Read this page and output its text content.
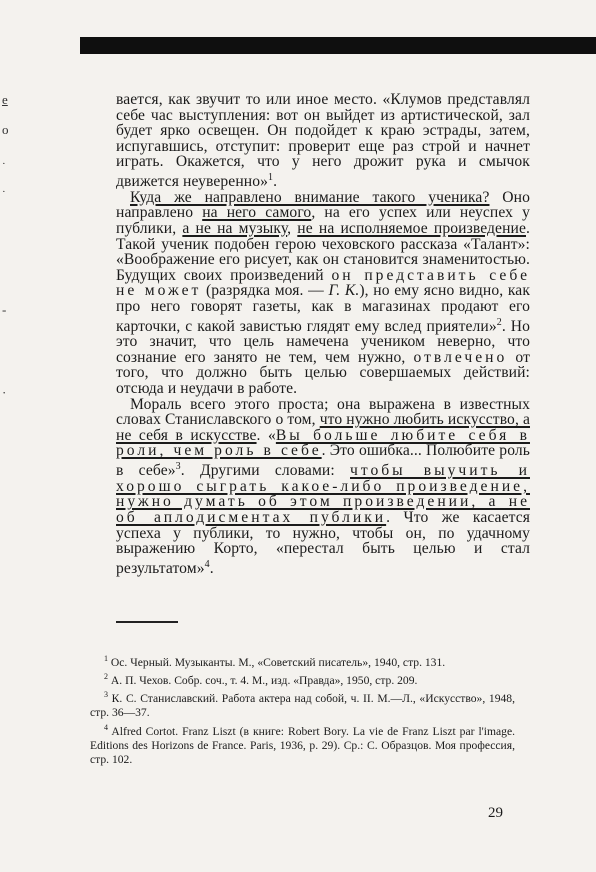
е
о
·
·
-
·

вается, как звучит то или иное место. «Клумов представлял себе час выступления: вот он выйдет из артистической, зал будет ярко освещен. Он подойдет к краю эстрады, затем, испугавшись, отступит: проверит еще раз строй и начнет играть. Окажется, что у него дрожит рука и смычок движется неуверенно»$^1$.

Куда же направлено внимание такого ученика? Оно направлено на него самого, на его успех или неуспех у публики, а не на музыку, не на исполняемое произведение. Такой ученик подобен герою чеховского рассказа «Талант»: «Воображение его рисует, как он становится знаменитостью. Будущих своих произведений он представить себе не может (разрядка моя. — Г. К.), но ему ясно видно, как про него говорят газеты, как в магазинах продают его карточки, с какой завистью глядят ему вслед приятели»$^2$. Но это значит, что цель намечена учеником неверно, что сознание его занято не тем, чем нужно, отвлечено от того, что должно быть целью совершаемых действий: отсюда и неудачи в работе.

Мораль всего этого проста; она выражена в известных словах Станиславского о том, что нужно любить искусство, а не себя в искусстве. «Вы больше любите себя в роли, чем роль в себе. Это ошибка... Полюбите роль в себе»$^3$. Другими словами: чтобы выучить и хорошо сыграть какое-либо произведение, нужно думать об этом произведении, а не об аплодисментах публики. Что же касается успеха у публики, то нужно, чтобы он, по удачному выражению Корто, «перестал быть целью и стал результатом»$^4$.

$^1$ Ос. Черный. Музыканты. М., «Советский писатель», 1940, стр. 131.

$^2$ А. П. Чехов. Собр. соч., т. 4. М., изд. «Правда», 1950, стр. 209.

$^3$ К. С. Станиславский. Работа актера над собой, ч. II. М.—Л., «Искусство», 1948, стр. 36—37.

$^4$ Alfred Cortot. Franz Liszt (в книге: Robert Bory. La vie de Franz Liszt par l'image. Editions des Horizons de France. Paris, 1936, p. 29). Ср.: С. Образцов. Моя профессия, стр. 102.

29
